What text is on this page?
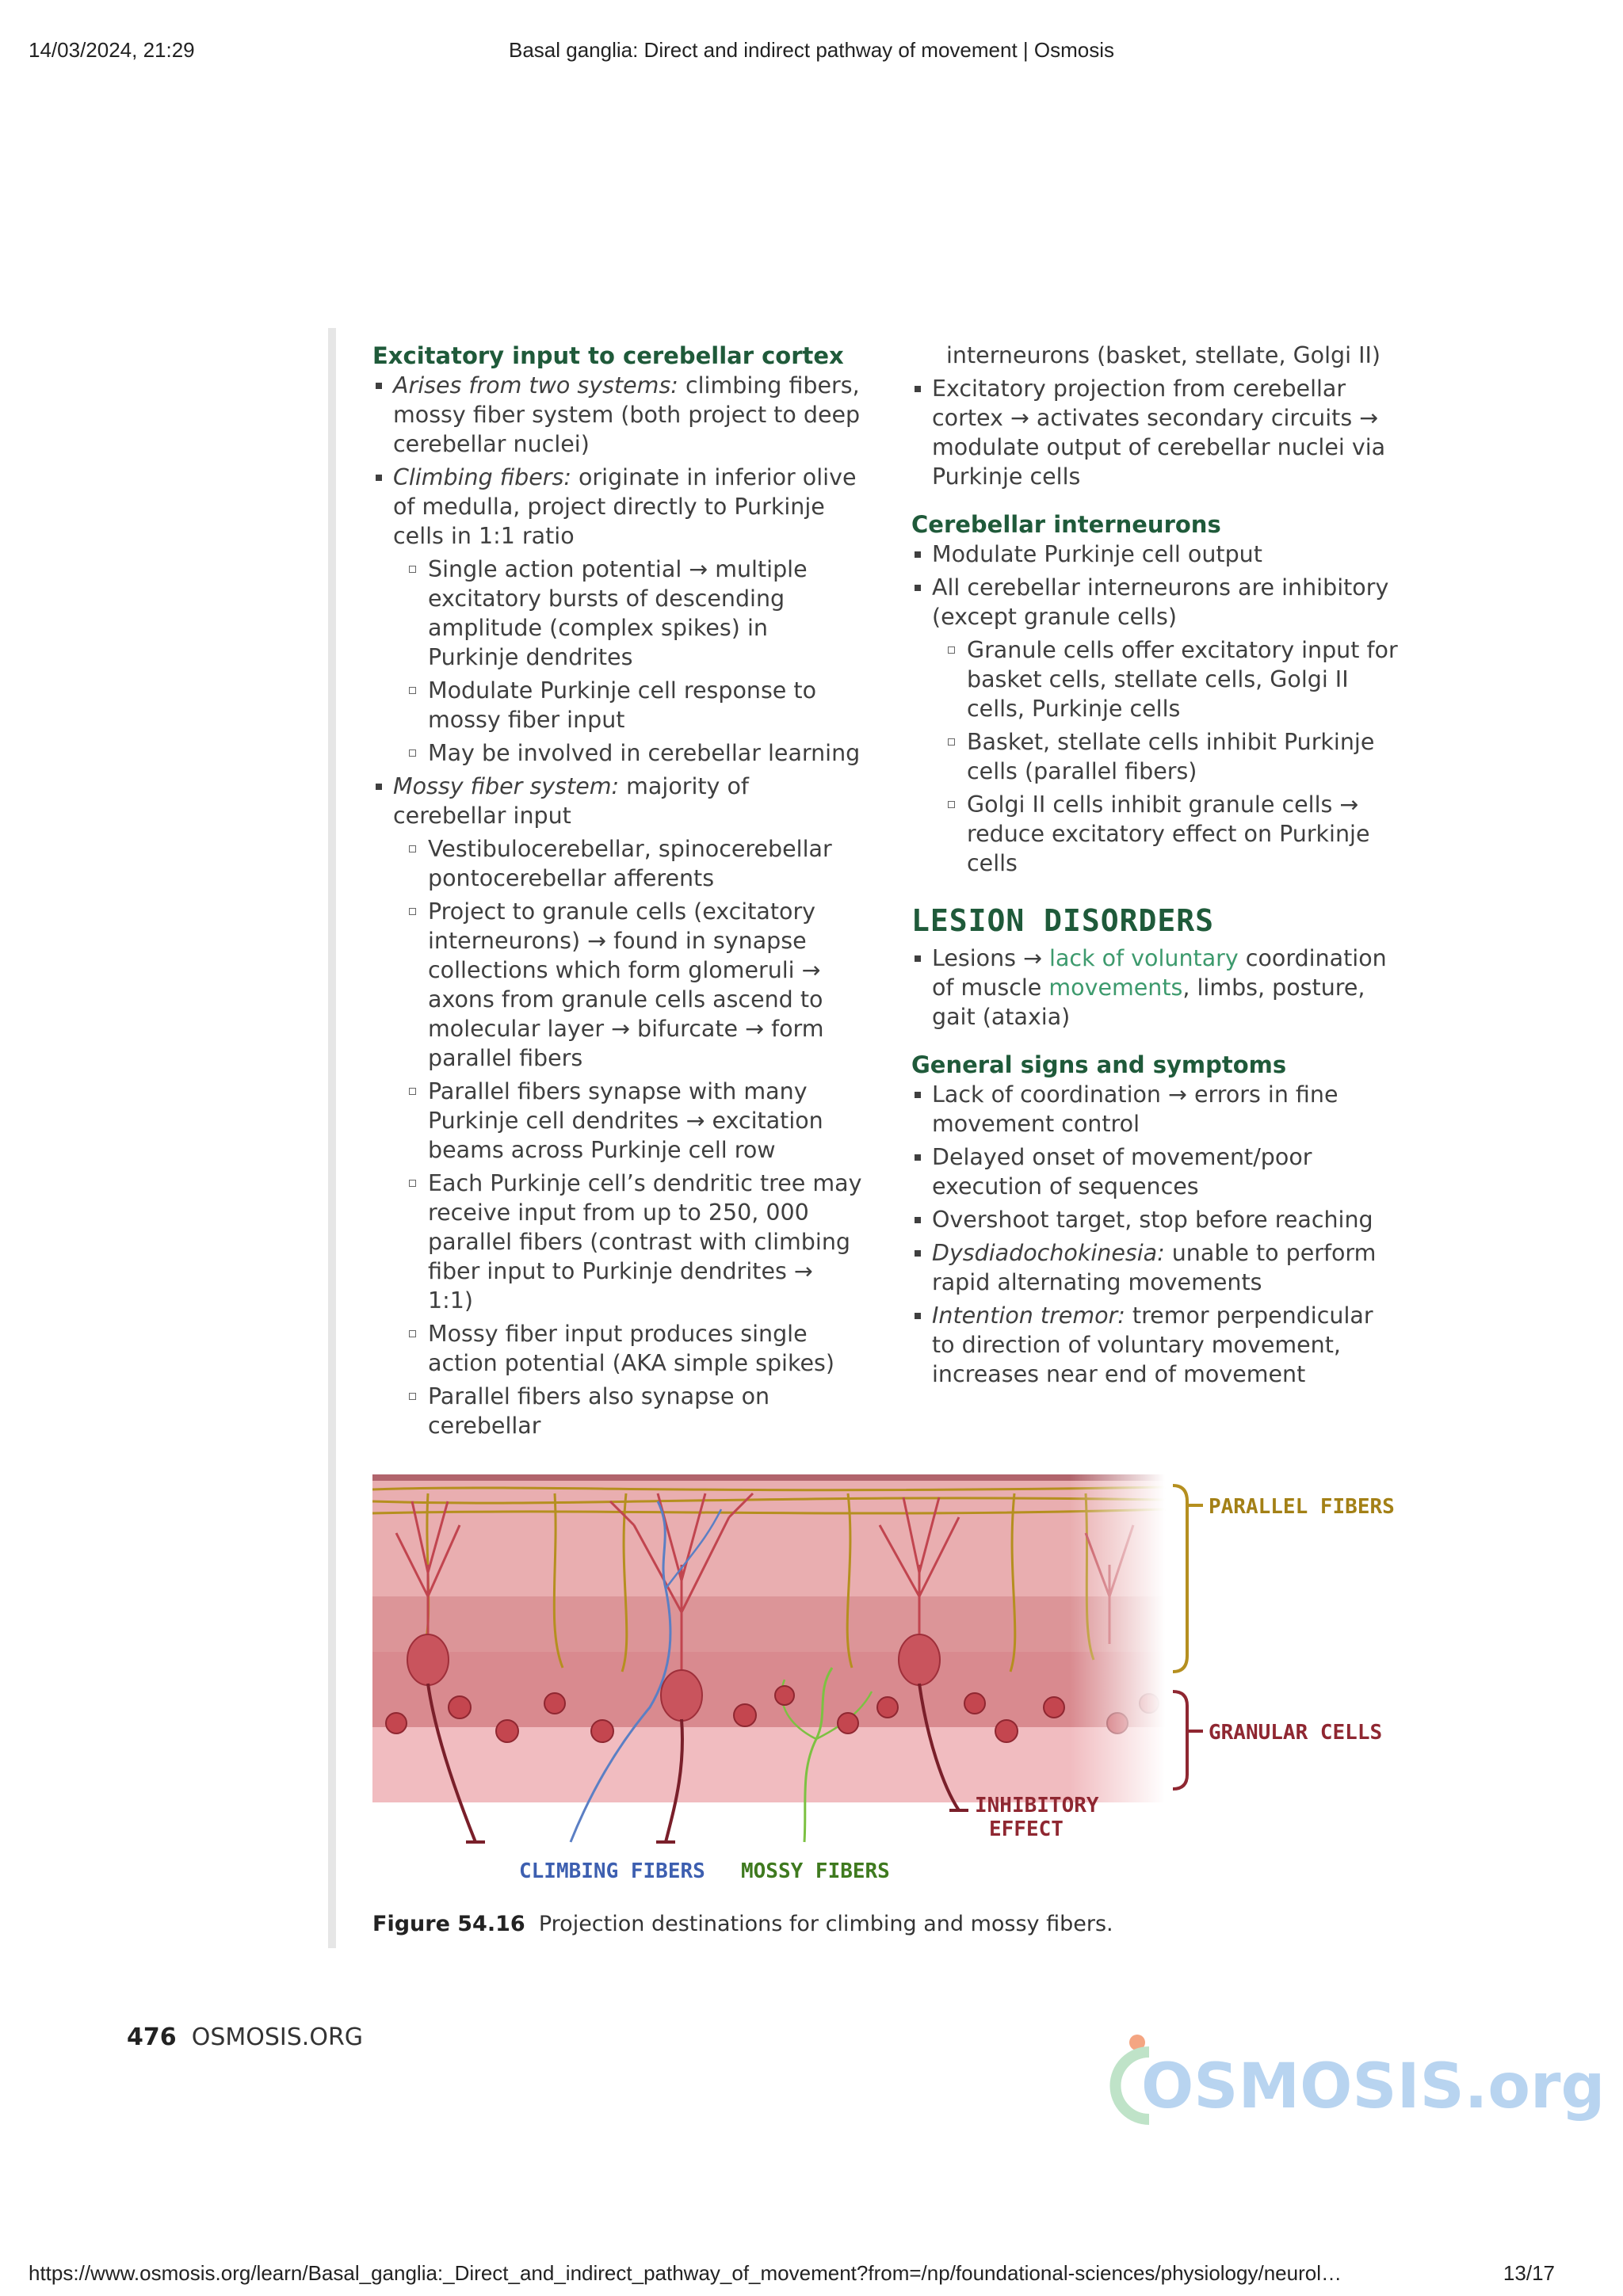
14/03/2024, 21:29	Basal ganglia: Direct and indirect pathway of movement | Osmosis

Excitatory input to cerebellar cortex

Arises from two systems: climbing fibers, mossy fiber system (both project to deep cerebellar nuclei)
Climbing fibers: originate in inferior olive of medulla, project directly to Purkinje cells in 1:1 ratio
Single action potential → multiple excitatory bursts of descending amplitude (complex spikes) in Purkinje dendrites
Modulate Purkinje cell response to mossy fiber input
May be involved in cerebellar learning
Mossy fiber system: majority of cerebellar input
Vestibulocerebellar, spinocerebellar pontocerebellar afferents
Project to granule cells (excitatory interneurons) → found in synapse collections which form glomeruli → axons from granule cells ascend to molecular layer → bifurcate → form parallel fibers
Parallel fibers synapse with many Purkinje cell dendrites → excitation beams across Purkinje cell row
Each Purkinje cell’s dendritic tree may receive input from up to 250, 000 parallel fibers (contrast with climbing fiber input to Purkinje dendrites → 1:1)
Mossy fiber input produces single action potential (AKA simple spikes)
Parallel fibers also synapse on cerebellar
interneurons (basket, stellate, Golgi II)
Excitatory projection from cerebellar cortex → activates secondary circuits → modulate output of cerebellar nuclei via Purkinje cells

Cerebellar interneurons

Modulate Purkinje cell output
All cerebellar interneurons are inhibitory (except granule cells)
Granule cells offer excitatory input for basket cells, stellate cells, Golgi II cells, Purkinje cells
Basket, stellate cells inhibit Purkinje cells (parallel fibers)
Golgi II cells inhibit granule cells → reduce excitatory effect on Purkinje cells
LESION DISORDERS
Lesions → lack of voluntary coordination of muscle movements, limbs, posture, gait (ataxia)

General signs and symptoms

Lack of coordination → errors in fine movement control
Delayed onset of movement/poor execution of sequences
Overshoot target, stop before reaching
Dysdiadochokinesia: unable to perform rapid alternating movements
Intention tremor: tremor perpendicular to direction of voluntary movement, increases near end of movement
PARALLEL FIBERS
GRANULAR CELLS
INHIBITORY
EFFECT
CLIMBING FIBERS MOSSY FIBERS
Figure 54.16 Projection destinations for climbing and mossy fibers.
476 OSMOSIS.ORG
OSMOSIS.org
https://www.osmosis.org/learn/Basal_ganglia:_Direct_and_indirect_pathway_of_movement?from=/np/foundational-sciences/physiology/neurol…	13/17
